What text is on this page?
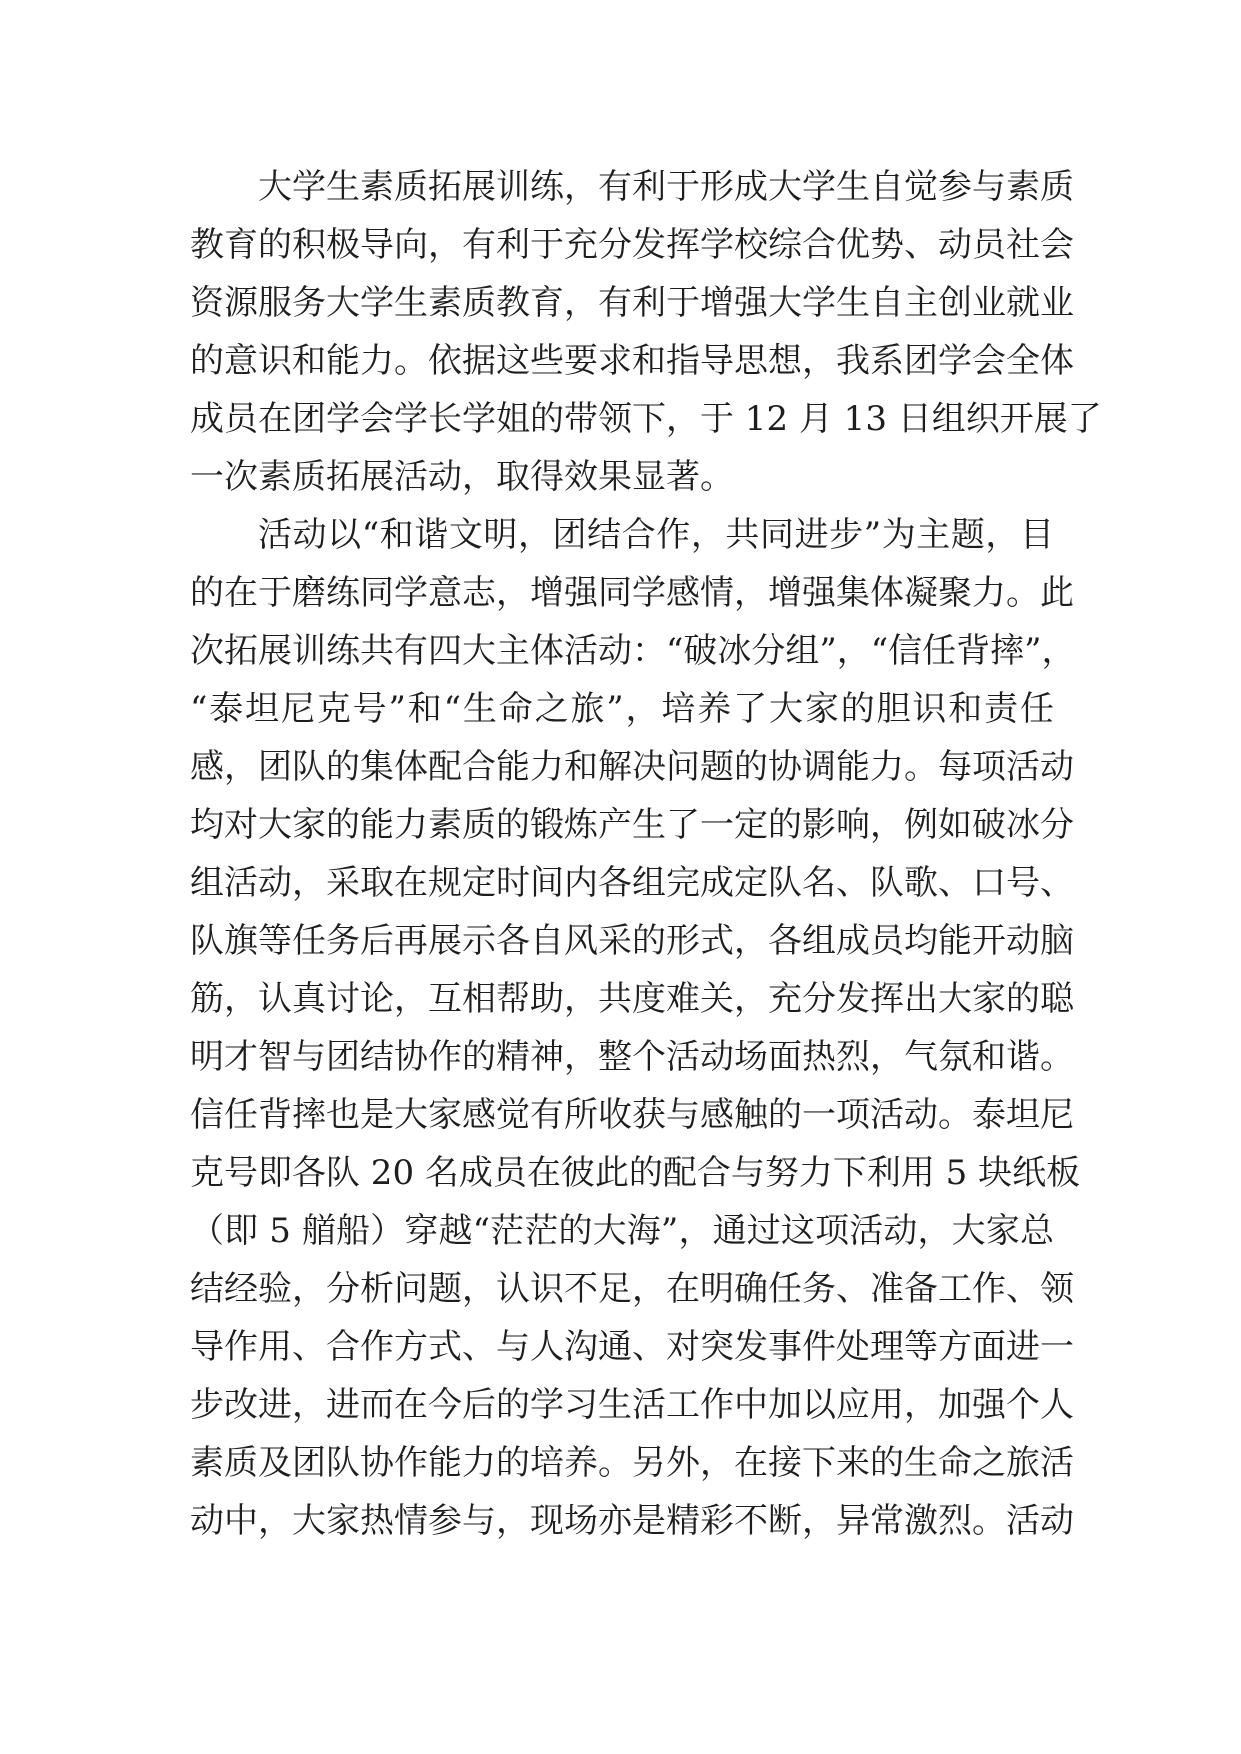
大学生素质拓展训练，有利于形成大学生自觉参与素质
教育的积极导向，有利于充分发挥学校综合优势、动员社会
资源服务大学生素质教育，有利于增强大学生自主创业就业
的意识和能力。依据这些要求和指导思想，我系团学会全体
成员在团学会学长学姐的带领下，于 12 月 13 日组织开展了
一次素质拓展活动，取得效果显著。
活动以“和谐文明，团结合作，共同进步”为主题，目
的在于磨练同学意志，增强同学感情，增强集体凝聚力。此
次拓展训练共有四大主体活动：“破冰分组”，“信任背摔”，
“泰坦尼克号”和“生命之旅”，培养了大家的胆识和责任
感，团队的集体配合能力和解决问题的协调能力。每项活动
均对大家的能力素质的锻炼产生了一定的影响，例如破冰分
组活动，采取在规定时间内各组完成定队名、队歌、口号、
队旗等任务后再展示各自风采的形式，各组成员均能开动脑
筋，认真讨论，互相帮助，共度难关，充分发挥出大家的聪
明才智与团结协作的精神，整个活动场面热烈，气氛和谐。
信任背摔也是大家感觉有所收获与感触的一项活动。泰坦尼
克号即各队 20 名成员在彼此的配合与努力下利用 5 块纸板
（即 5 艏船）穿越“茫茫的大海”，通过这项活动，大家总
结经验，分析问题，认识不足，在明确任务、准备工作、领
导作用、合作方式、与人沟通、对突发事件处理等方面进一
步改进，进而在今后的学习生活工作中加以应用，加强个人
素质及团队协作能力的培养。另外，在接下来的生命之旅活
动中，大家热情参与，现场亦是精彩不断，异常激烈。活动
